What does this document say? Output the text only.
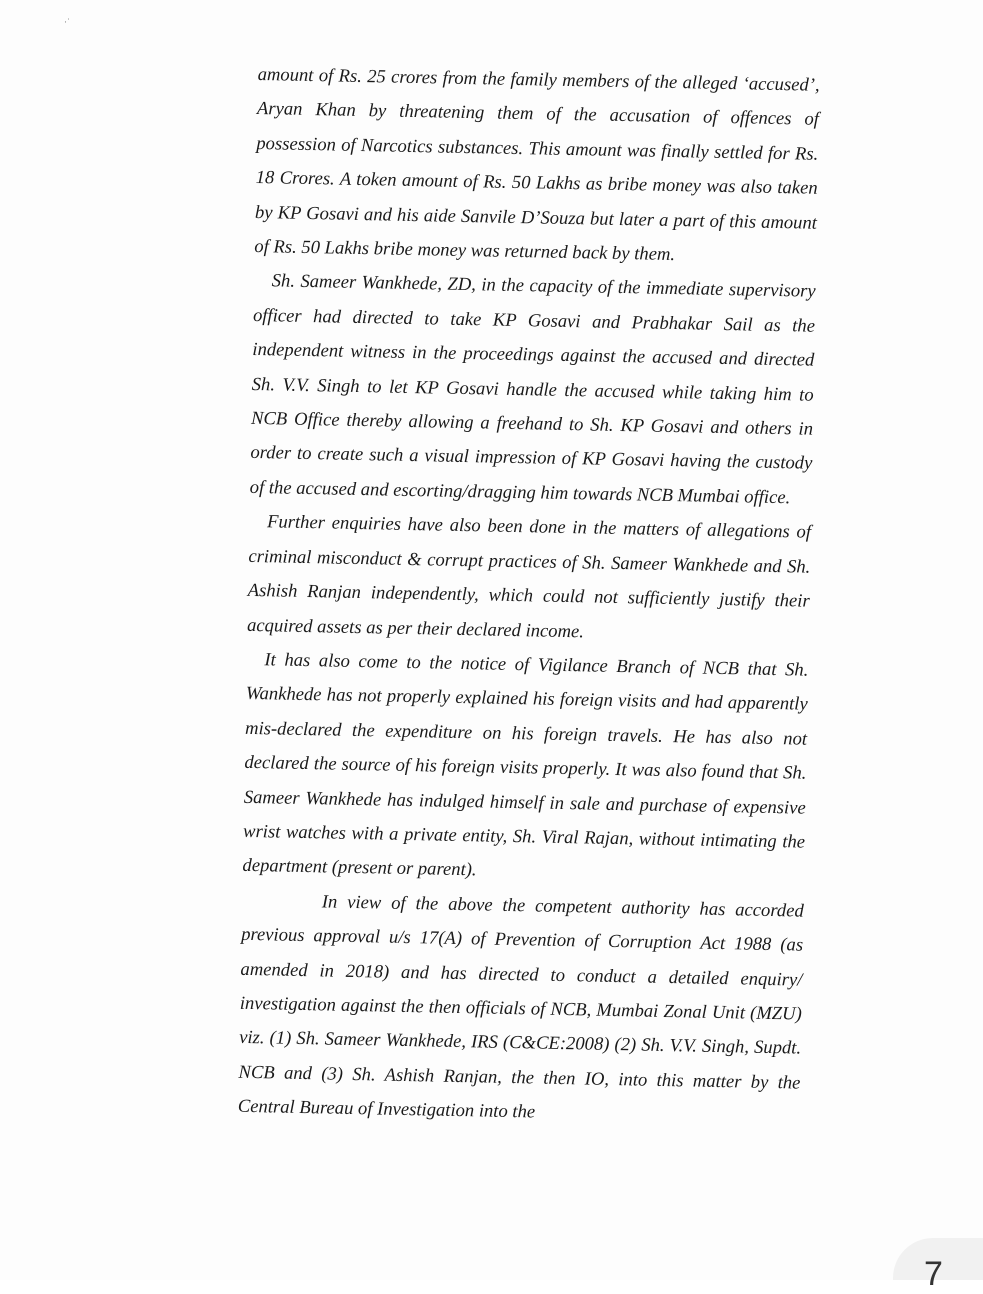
·˙

amount of Rs. 25 crores from the family members of the alleged ‘accused’, Aryan Khan by threatening them of the accusation of offences of possession of Narcotics substances. This amount was finally settled for Rs. 18 Crores. A token amount of Rs. 50 Lakhs as bribe money was also taken by KP Gosavi and his aide Sanvile D’Souza but later a part of this amount of Rs. 50 Lakhs bribe money was returned back by them.

Sh. Sameer Wankhede, ZD, in the capacity of the immediate supervisory officer had directed to take KP Gosavi and Prabhakar Sail as the independent witness in the proceedings against the accused and directed Sh. V.V. Singh to let KP Gosavi handle the accused while taking him to NCB Office thereby allowing a freehand to Sh. KP Gosavi and others in order to create such a visual impression of KP Gosavi having the custody of the accused and escorting/dragging him towards NCB Mumbai office.

Further enquiries have also been done in the matters of allegations of criminal misconduct & corrupt practices of Sh. Sameer Wankhede and Sh. Ashish Ranjan independently, which could not sufficiently justify their acquired assets as per their declared income.

It has also come to the notice of Vigilance Branch of NCB that Sh. Wankhede has not properly explained his foreign visits and had apparently mis-declared the expenditure on his foreign travels. He has also not declared the source of his foreign visits properly. It was also found that Sh. Sameer Wankhede has indulged himself in sale and purchase of expensive wrist watches with a private entity, Sh. Viral Rajan, without intimating the department (present or parent).

In view of the above the competent authority has accorded previous approval u/s 17(A) of Prevention of Corruption Act 1988 (as amended in 2018) and has directed to conduct a detailed enquiry/ investigation against the then officials of NCB, Mumbai Zonal Unit (MZU) viz. (1) Sh. Sameer Wankhede, IRS (C&CE:2008) (2) Sh. V.V. Singh, Supdt. NCB and (3) Sh. Ashish Ranjan, the then IO, into this matter by the Central Bureau of Investigation into the

7
